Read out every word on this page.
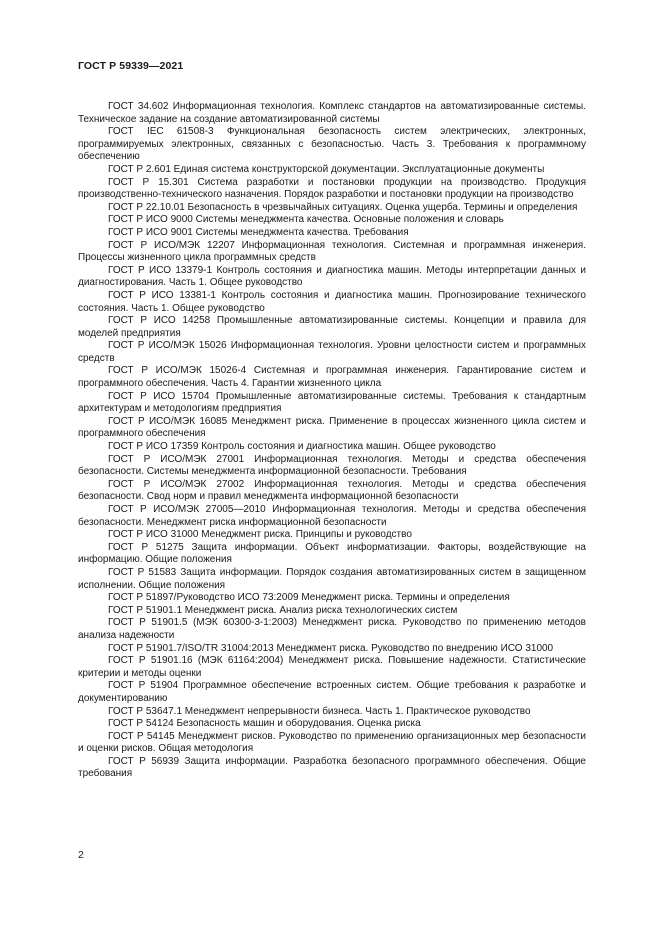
ГОСТ Р 59339—2021

ГОСТ 34.602 Информационная технология. Комплекс стандартов на автоматизированные системы. Техническое задание на создание автоматизированной системы

ГОСТ IEC 61508-3 Функциональная безопасность систем электрических, электронных, программируемых электронных, связанных с безопасностью. Часть 3. Требования к программному обеспечению

ГОСТ Р 2.601 Единая система конструкторской документации. Эксплуатационные документы

ГОСТ Р 15.301 Система разработки и постановки продукции на производство. Продукция производственно-технического назначения. Порядок разработки и постановки продукции на производство

ГОСТ Р 22.10.01 Безопасность в чрезвычайных ситуациях. Оценка ущерба. Термины и определения

ГОСТ Р ИСО 9000 Системы менеджмента качества. Основные положения и словарь

ГОСТ Р ИСО 9001 Системы менеджмента качества. Требования

ГОСТ Р ИСО/МЭК 12207 Информационная технология. Системная и программная инженерия. Процессы жизненного цикла программных средств

ГОСТ Р ИСО 13379-1 Контроль состояния и диагностика машин. Методы интерпретации данных и диагностирования. Часть 1. Общее руководство

ГОСТ Р ИСО 13381-1 Контроль состояния и диагностика машин. Прогнозирование технического состояния. Часть 1. Общее руководство

ГОСТ Р ИСО 14258 Промышленные автоматизированные системы. Концепции и правила для моделей предприятия

ГОСТ Р ИСО/МЭК 15026 Информационная технология. Уровни целостности систем и программных средств

ГОСТ Р ИСО/МЭК 15026-4 Системная и программная инженерия. Гарантирование систем и программного обеспечения. Часть 4. Гарантии жизненного цикла

ГОСТ Р ИСО 15704 Промышленные автоматизированные системы. Требования к стандартным архитектурам и методологиям предприятия

ГОСТ Р ИСО/МЭК 16085 Менеджмент риска. Применение в процессах жизненного цикла систем и программного обеспечения

ГОСТ Р ИСО 17359 Контроль состояния и диагностика машин. Общее руководство

ГОСТ Р ИСО/МЭК 27001 Информационная технология. Методы и средства обеспечения безопасности. Системы менеджмента информационной безопасности. Требования

ГОСТ Р ИСО/МЭК 27002 Информационная технология. Методы и средства обеспечения безопасности. Свод норм и правил менеджмента информационной безопасности

ГОСТ Р ИСО/МЭК 27005—2010 Информационная технология. Методы и средства обеспечения безопасности. Менеджмент риска информационной безопасности

ГОСТ Р ИСО 31000 Менеджмент риска. Принципы и руководство

ГОСТ Р 51275 Защита информации. Объект информатизации. Факторы, воздействующие на информацию. Общие положения

ГОСТ Р 51583 Защита информации. Порядок создания автоматизированных систем в защищенном исполнении. Общие положения

ГОСТ Р 51897/Руководство ИСО 73:2009 Менеджмент риска. Термины и определения

ГОСТ Р 51901.1 Менеджмент риска. Анализ риска технологических систем

ГОСТ Р 51901.5 (МЭК 60300-3-1:2003) Менеджмент риска. Руководство по применению методов анализа надежности

ГОСТ Р 51901.7/ISO/TR 31004:2013 Менеджмент риска. Руководство по внедрению ИСО 31000

ГОСТ Р 51901.16 (МЭК 61164:2004) Менеджмент риска. Повышение надежности. Статистические критерии и методы оценки

ГОСТ Р 51904 Программное обеспечение встроенных систем. Общие требования к разработке и документированию

ГОСТ Р 53647.1 Менеджмент непрерывности бизнеса. Часть 1. Практическое руководство

ГОСТ Р 54124 Безопасность машин и оборудования. Оценка риска

ГОСТ Р 54145 Менеджмент рисков. Руководство по применению организационных мер безопасности и оценки рисков. Общая методология

ГОСТ Р 56939 Защита информации. Разработка безопасного программного обеспечения. Общие требования

2
